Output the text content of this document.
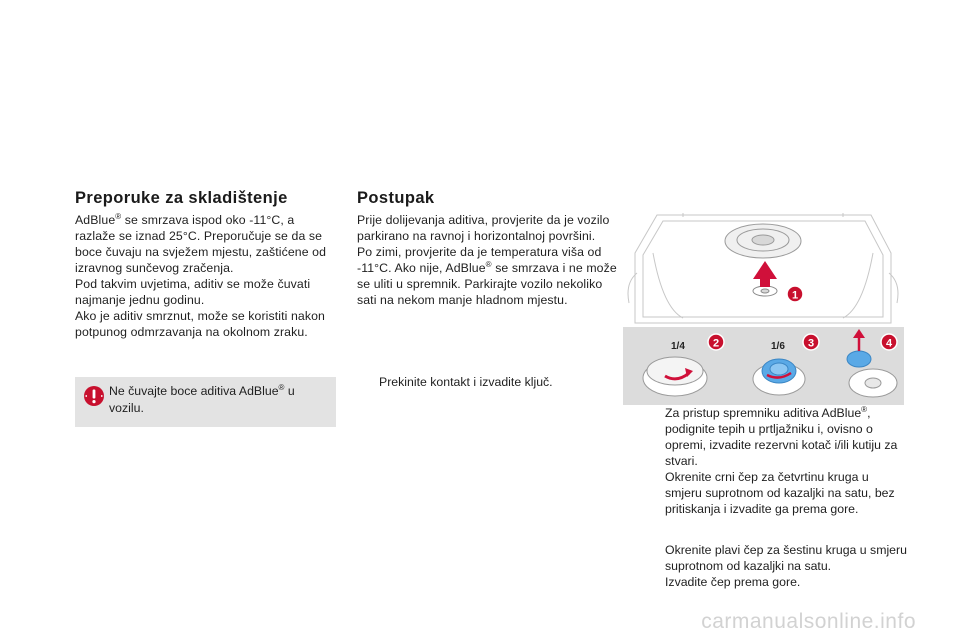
Preporuke za skladištenje

AdBlue® se smrzava ispod oko -11°C, a razlaže se iznad 25°C. Preporučuje se da se boce čuvaju na svježem mjestu, zaštićene od izravnog sunčevog zračenja.

Pod takvim uvjetima, aditiv se može čuvati najmanje jednu godinu.

Ako je aditiv smrznut, može se koristiti nakon potpunog odmrzavanja na okolnom zraku.

Ne čuvajte boce aditiva AdBlue® u vozilu.
Postupak

Prije dolijevanja aditiva, provjerite da je vozilo parkirano na ravnoj i horizontalnoj površini.

Po zimi, provjerite da je temperatura viša od -11°C. Ako nije, AdBlue® se smrzava i ne može se uliti u spremnik. Parkirajte vozilo nekoliko sati na nekom manje hladnom mjestu.

Prekinite kontakt i izvadite ključ.
1
1/4	2	1/6 3	4
Za pristup spremniku aditiva AdBlue®, podignite tepih u prtljažniku i, ovisno o opremi, izvadite rezervni kotač i/ili kutiju za stvari.
Okrenite crni čep za četvrtinu kruga u smjeru suprotnom od kazaljki na satu, bez pritiskanja i izvadite ga prema gore.
Okrenite plavi čep za šestinu kruga u smjeru suprotnom od kazaljki na satu.
Izvadite čep prema gore.
carmanualsonline.info
